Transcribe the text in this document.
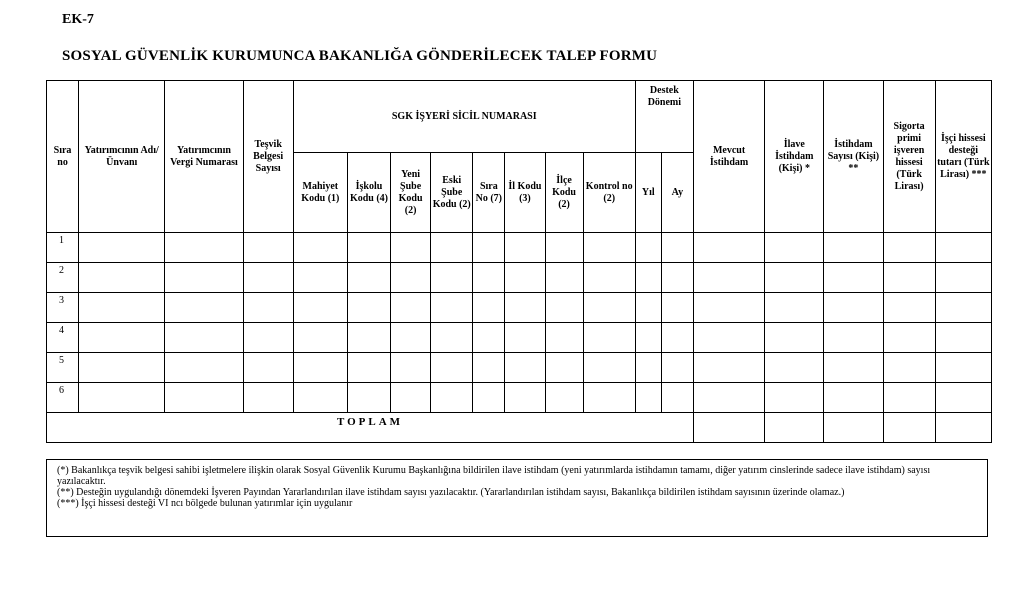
EK-7
SOSYAL GÜVENLİK KURUMUNCA BAKANLIĞA GÖNDERİLECEK TALEP FORMU
Sıra no	Yatırımcının Adı/Ünvanı	Yatırımcının Vergi Numarası	Teşvik Belgesi Sayısı	SGK İŞYERİ SİCİL NUMARASI								Destek Dönemi		Mevcut İstihdam	İlave İstihdam (Kişi) *	İstihdam Sayısı (Kişi) **	Sigorta primi işveren hissesi (Türk Lirası)	İşçi hissesi desteği tutarı (Türk Lirası) ***
				Mahiyet Kodu (1)	İşkolu Kodu (4)	Yeni Şube Kodu (2)	Eski Şube Kodu (2)	Sıra No (7)	İl Kodu (3)	İlçe Kodu (2)	Kontrol no (2)	Yıl	Ay					
1																		
2																		
3																		
4																		
5																		
6																		
TOPLAM																		
(*) Bakanlıkça teşvik belgesi sahibi işletmelere ilişkin olarak Sosyal Güvenlik Kurumu Başkanlığına bildirilen ilave istihdam (yeni yatırımlarda istihdamın tamamı, diğer yatırım cinslerinde sadece ilave istihdam) sayısı yazılacaktır.
(**) Desteğin uygulandığı dönemdeki İşveren Payından Yararlandırılan ilave istihdam sayısı yazılacaktır. (Yararlandırılan istihdam sayısı, Bakanlıkça bildirilen istihdam sayısının üzerinde olamaz.)
(***) İşçi hissesi desteği VI ncı bölgede bulunan yatırımlar için uygulanır
